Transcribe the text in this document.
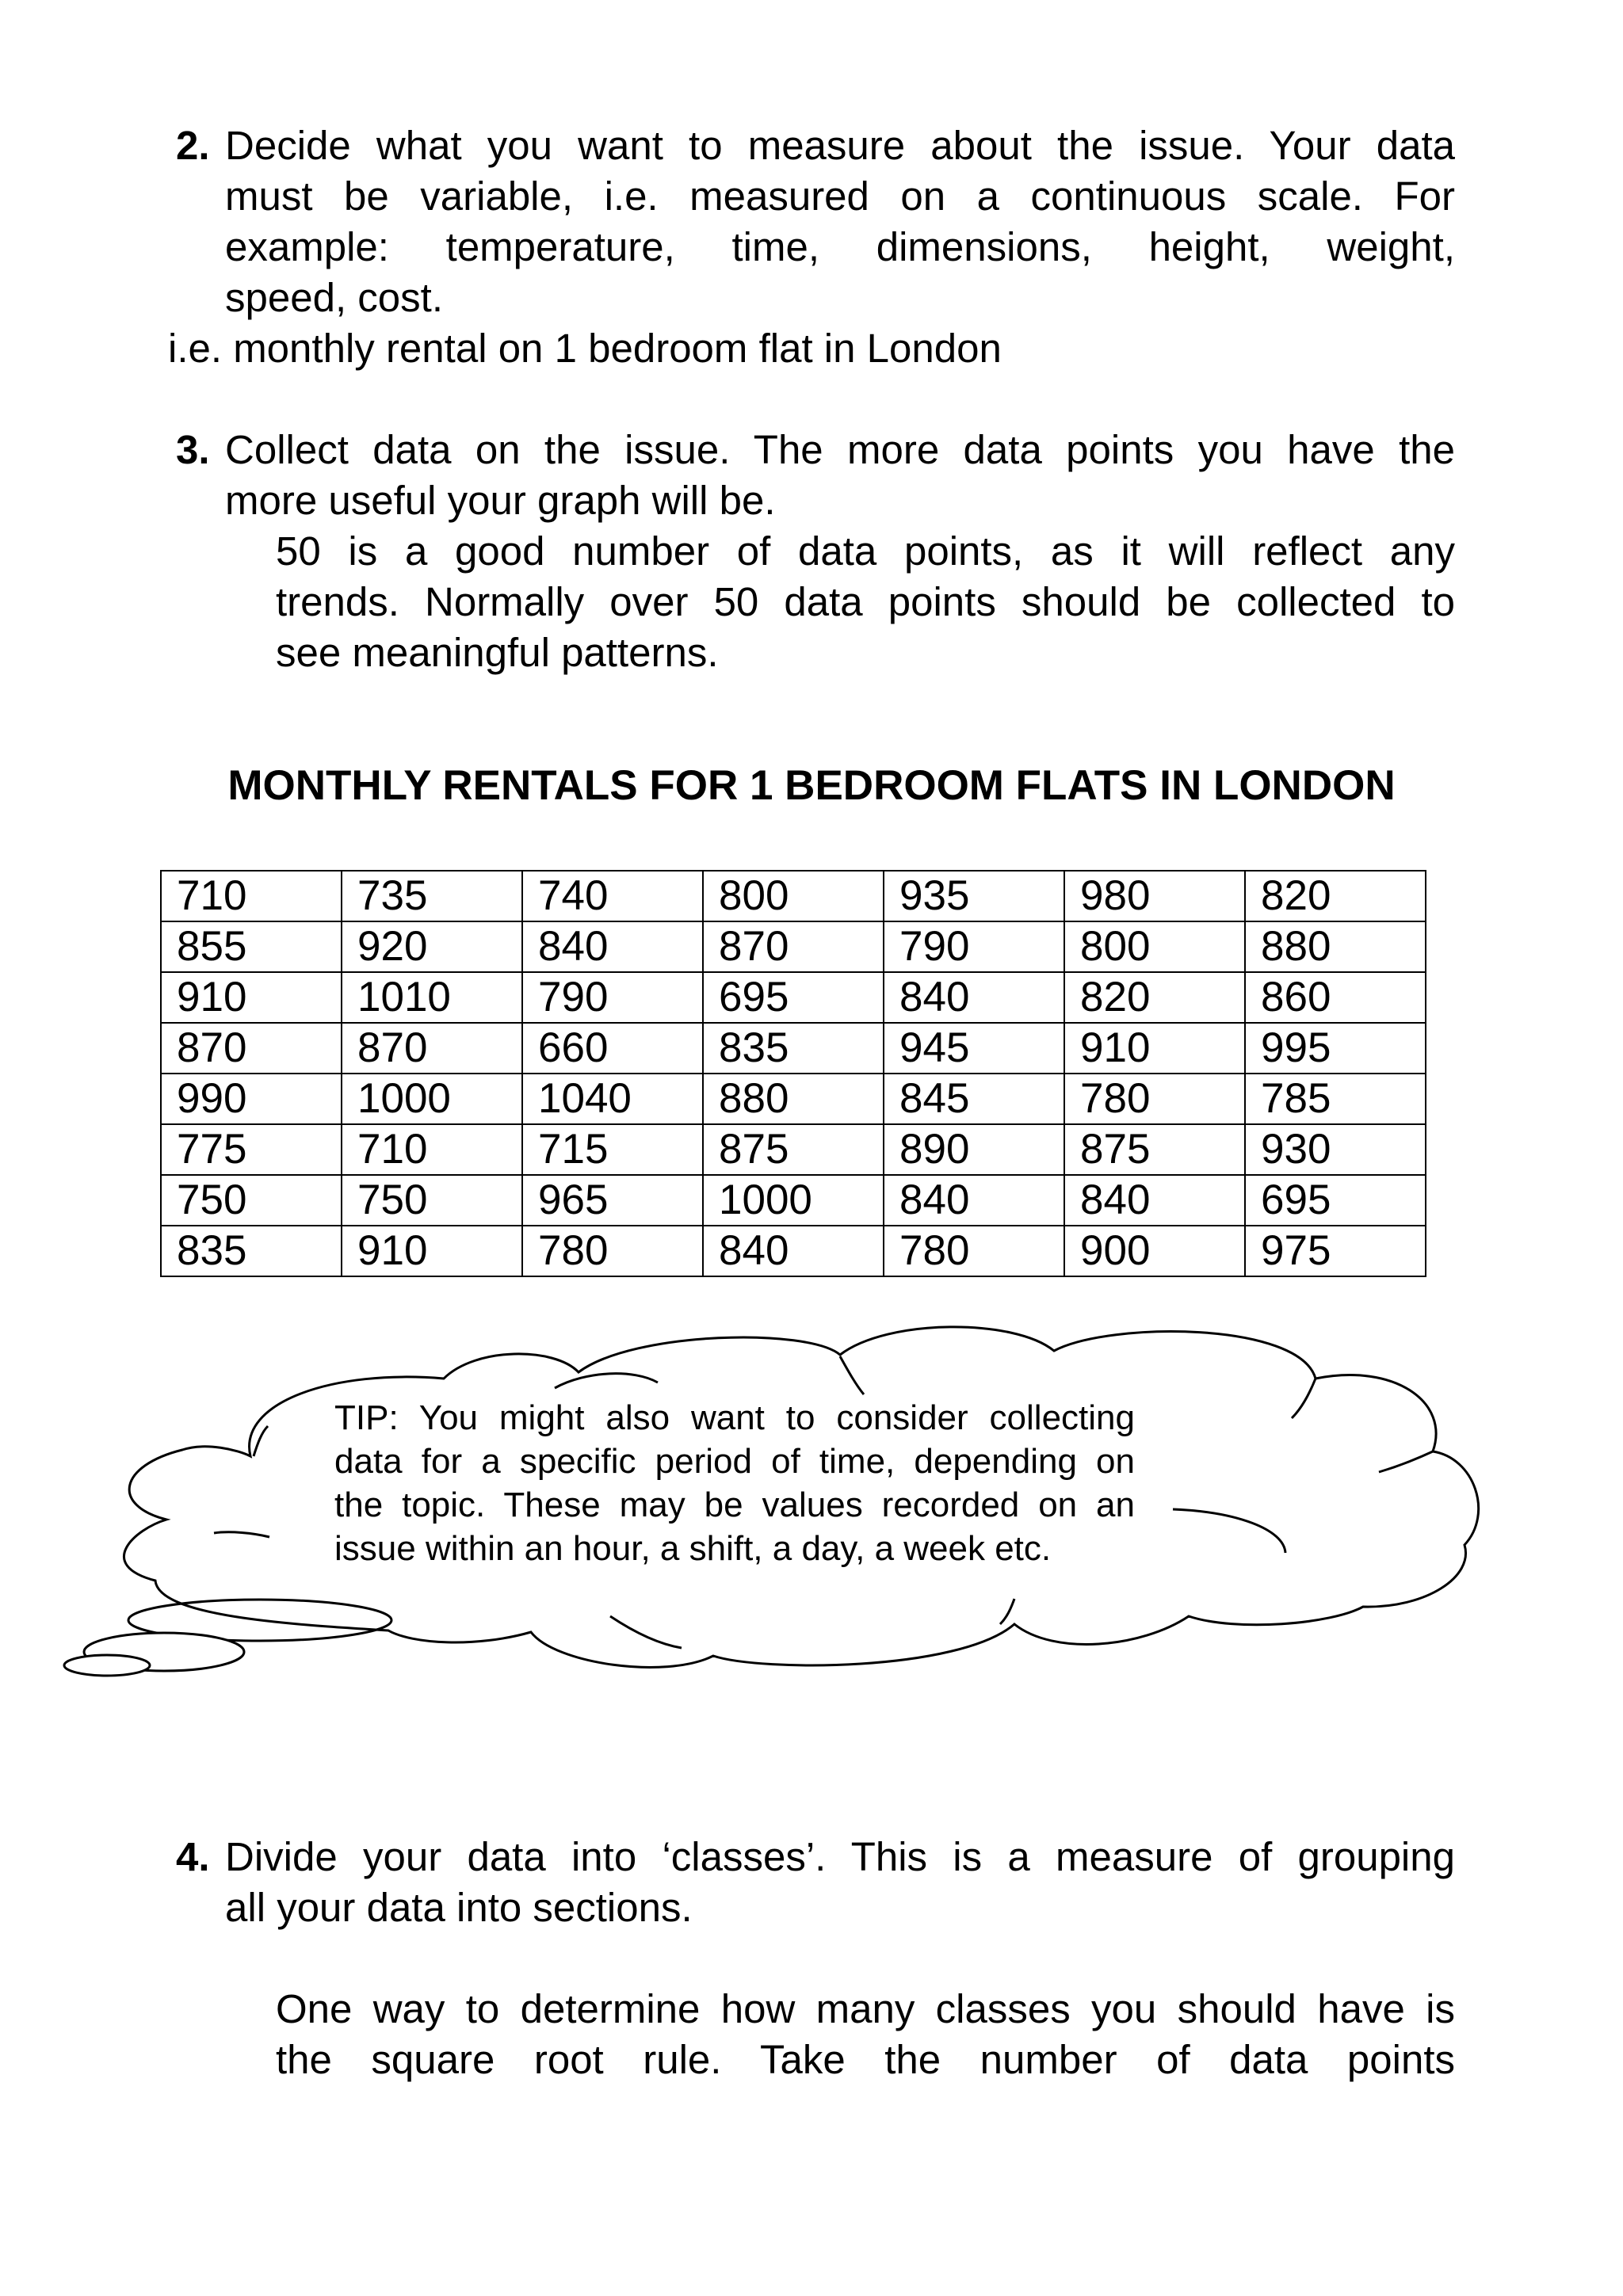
2. Decide what you want to measure about the issue. Your data
must be variable, i.e. measured on a continuous scale. For
example: temperature, time, dimensions, height, weight,
speed, cost.
i.e. monthly rental on 1 bedroom flat in London
3. Collect data on the issue. The more data points you have the
more useful your graph will be.
50 is a good number of data points, as it will reflect any
trends. Normally over 50 data points should be collected to
see meaningful patterns.
MONTHLY RENTALS FOR 1 BEDROOM FLATS IN LONDON
710	735	740	800	935	980	820
855	920	840	870	790	800	880
910	1010	790	695	840	820	860
870	870	660	835	945	910	995
990	1000	1040	880	845	780	785
775	710	715	875	890	875	930
750	750	965	1000	840	840	695
835	910	780	840	780	900	975
TIP: You might also want to consider collecting
data for a specific period of time, depending on
the topic. These may be values recorded on an
issue within an hour, a shift, a day, a week etc.
4. Divide your data into ‘classes’. This is a measure of grouping
all your data into sections.
One way to determine how many classes you should have is
the square root rule. Take the number of data points
